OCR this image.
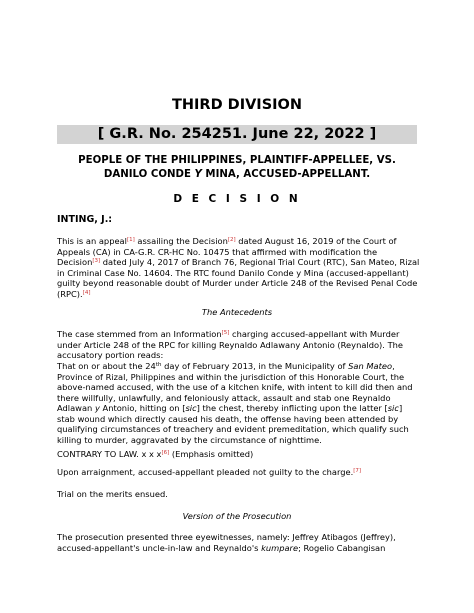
THIRD DIVISION
[ G.R. No. 254251. June 22, 2022 ]
PEOPLE OF THE PHILIPPINES, PLAINTIFF-APPELLEE, VS.
DANILO CONDE Y MINA, ACCUSED-APPELLANT.
D E C I S I O N
INTING, J.:
This is an appeal[1] assailing the Decision[2] dated August 16, 2019 of the Court of Appeals (CA) in CA-G.R. CR-HC No. 10475 that affirmed with modification the Decision[3] dated July 4, 2017 of Branch 76, Regional Trial Court (RTC), San Mateo, Rizal in Criminal Case No. 14604. The RTC found Danilo Conde y Mina (accused-appellant) guilty beyond reasonable doubt of Murder under Article 248 of the Revised Penal Code (RPC).[4]
The Antecedents
The case stemmed from an Information[5] charging accused-appellant with Murder under Article 248 of the RPC for killing Reynaldo Adlawany Antonio (Reynaldo). The accusatory portion reads:
That on or about the 24th day of February 2013, in the Municipality of San Mateo, Province of Rizal, Philippines and within the jurisdiction of this Honorable Court, the above-named accused, with the use of a kitchen knife, with intent to kill did then and there willfully, unlawfully, and feloniously attack, assault and stab one Reynaldo Adlawan y Antonio, hitting on [sic] the chest, thereby inflicting upon the latter [sic] stab wound which directly caused his death, the offense having been attended by qualifying circumstances of treachery and evident premeditation, which qualify such killing to murder, aggravated by the circumstance of nighttime.
CONTRARY TO LAW. x x x[6] (Emphasis omitted)
Upon arraignment, accused-appellant pleaded not guilty to the charge.[7]
Trial on the merits ensued.
Version of the Prosecution
The prosecution presented three eyewitnesses, namely: Jeffrey Atibagos (Jeffrey), accused-appellant's uncle-in-law and Reynaldo's kumpare; Rogelio Cabangisan
